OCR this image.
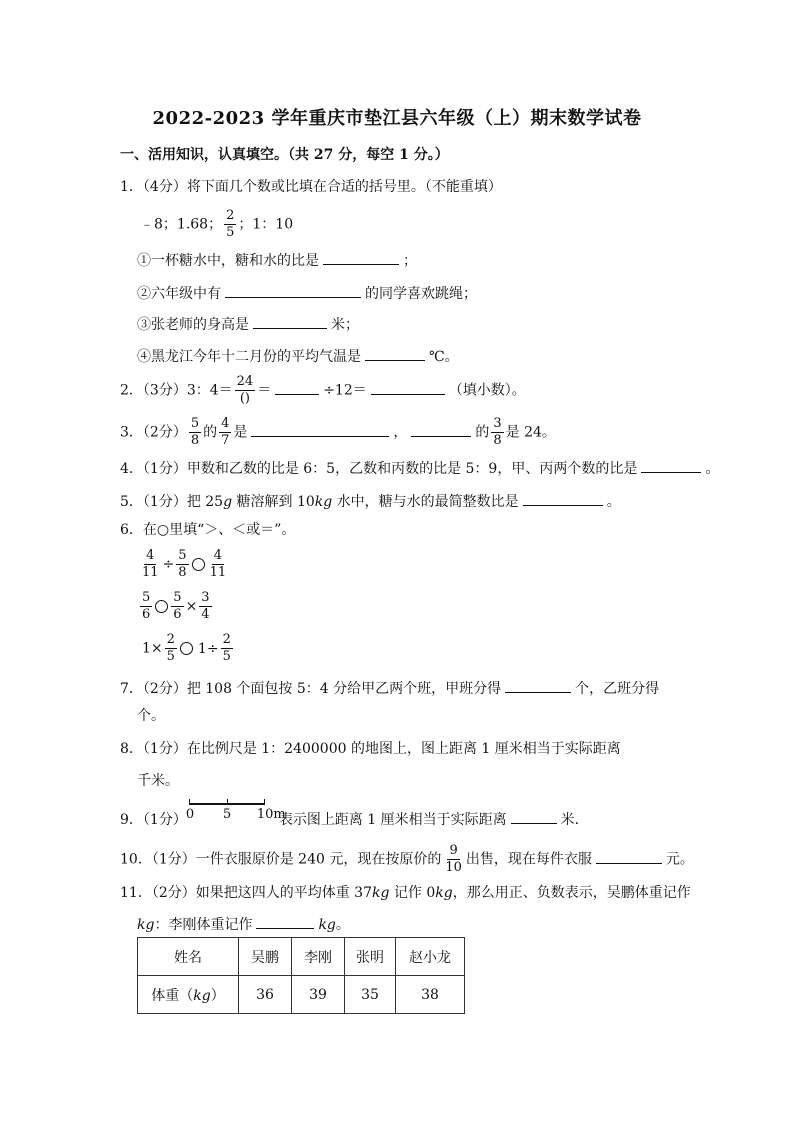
2022-2023 学年重庆市垫江县六年级（上）期末数学试卷
一、活用知识，认真填空。（共 27 分，每空 1 分。）
1．（4分）将下面几个数或比填在合适的括号里。（不能重填）
﹣8；1.68； $\frac{2}{5}$ ；1：10
①一杯糖水中，糖和水的比是	；
②六年级中有	的同学喜欢跳绳；
③张老师的身高是	米；
④黑龙江今年十二月份的平均气温是	℃。
2．（3分）3：$4= \frac{24}{()}$ ＝	÷12＝	（填小数）。
3．（2分） $\frac{5}{8}$ 的 $\frac{4}{7}$ 是	，	的 $\frac{3}{8}$ 是 24。
4．（1分）甲数和乙数的比是 6：5，乙数和丙数的比是 5：9，甲、丙两个数的比是	。
5．（1分）把 25g 糖溶解到 10kg 水中，糖与水的最简整数比是	。
6．在○里填“＞、＜或＝”。
$\frac{4}{11} \div \frac{5}{8} \frac{4}{11}$
$\frac{5}{6} \frac{5}{6} \times \frac{3}{4}$
$1\times \frac{2}{5} 1\div \frac{2}{5}$
7．（2分）把 108 个面包按 5：4 分给甲乙两个班，甲班分得	个，乙班分得
个。
8．（1分）在比例尺是 1：2400000 的地图上，图上距离 1 厘米相当于实际距离
千米。
9．（1分） 0 5 10m
表示图上距离 1 厘米相当于实际距离	米.
10．（1分）一件衣服原价是 240 元，现在按原价的 $\frac{9}{10}$ 出售，现在每件衣服	元。
11．（2分）如果把这四人的平均体重 37kg 记作 0kg，那么用正、负数表示，吴鹏体重记作
kg：李刚体重记作	kg。
姓名	吴鹏	李刚	张明	赵小龙
体重（kg）	36	39	35	38
